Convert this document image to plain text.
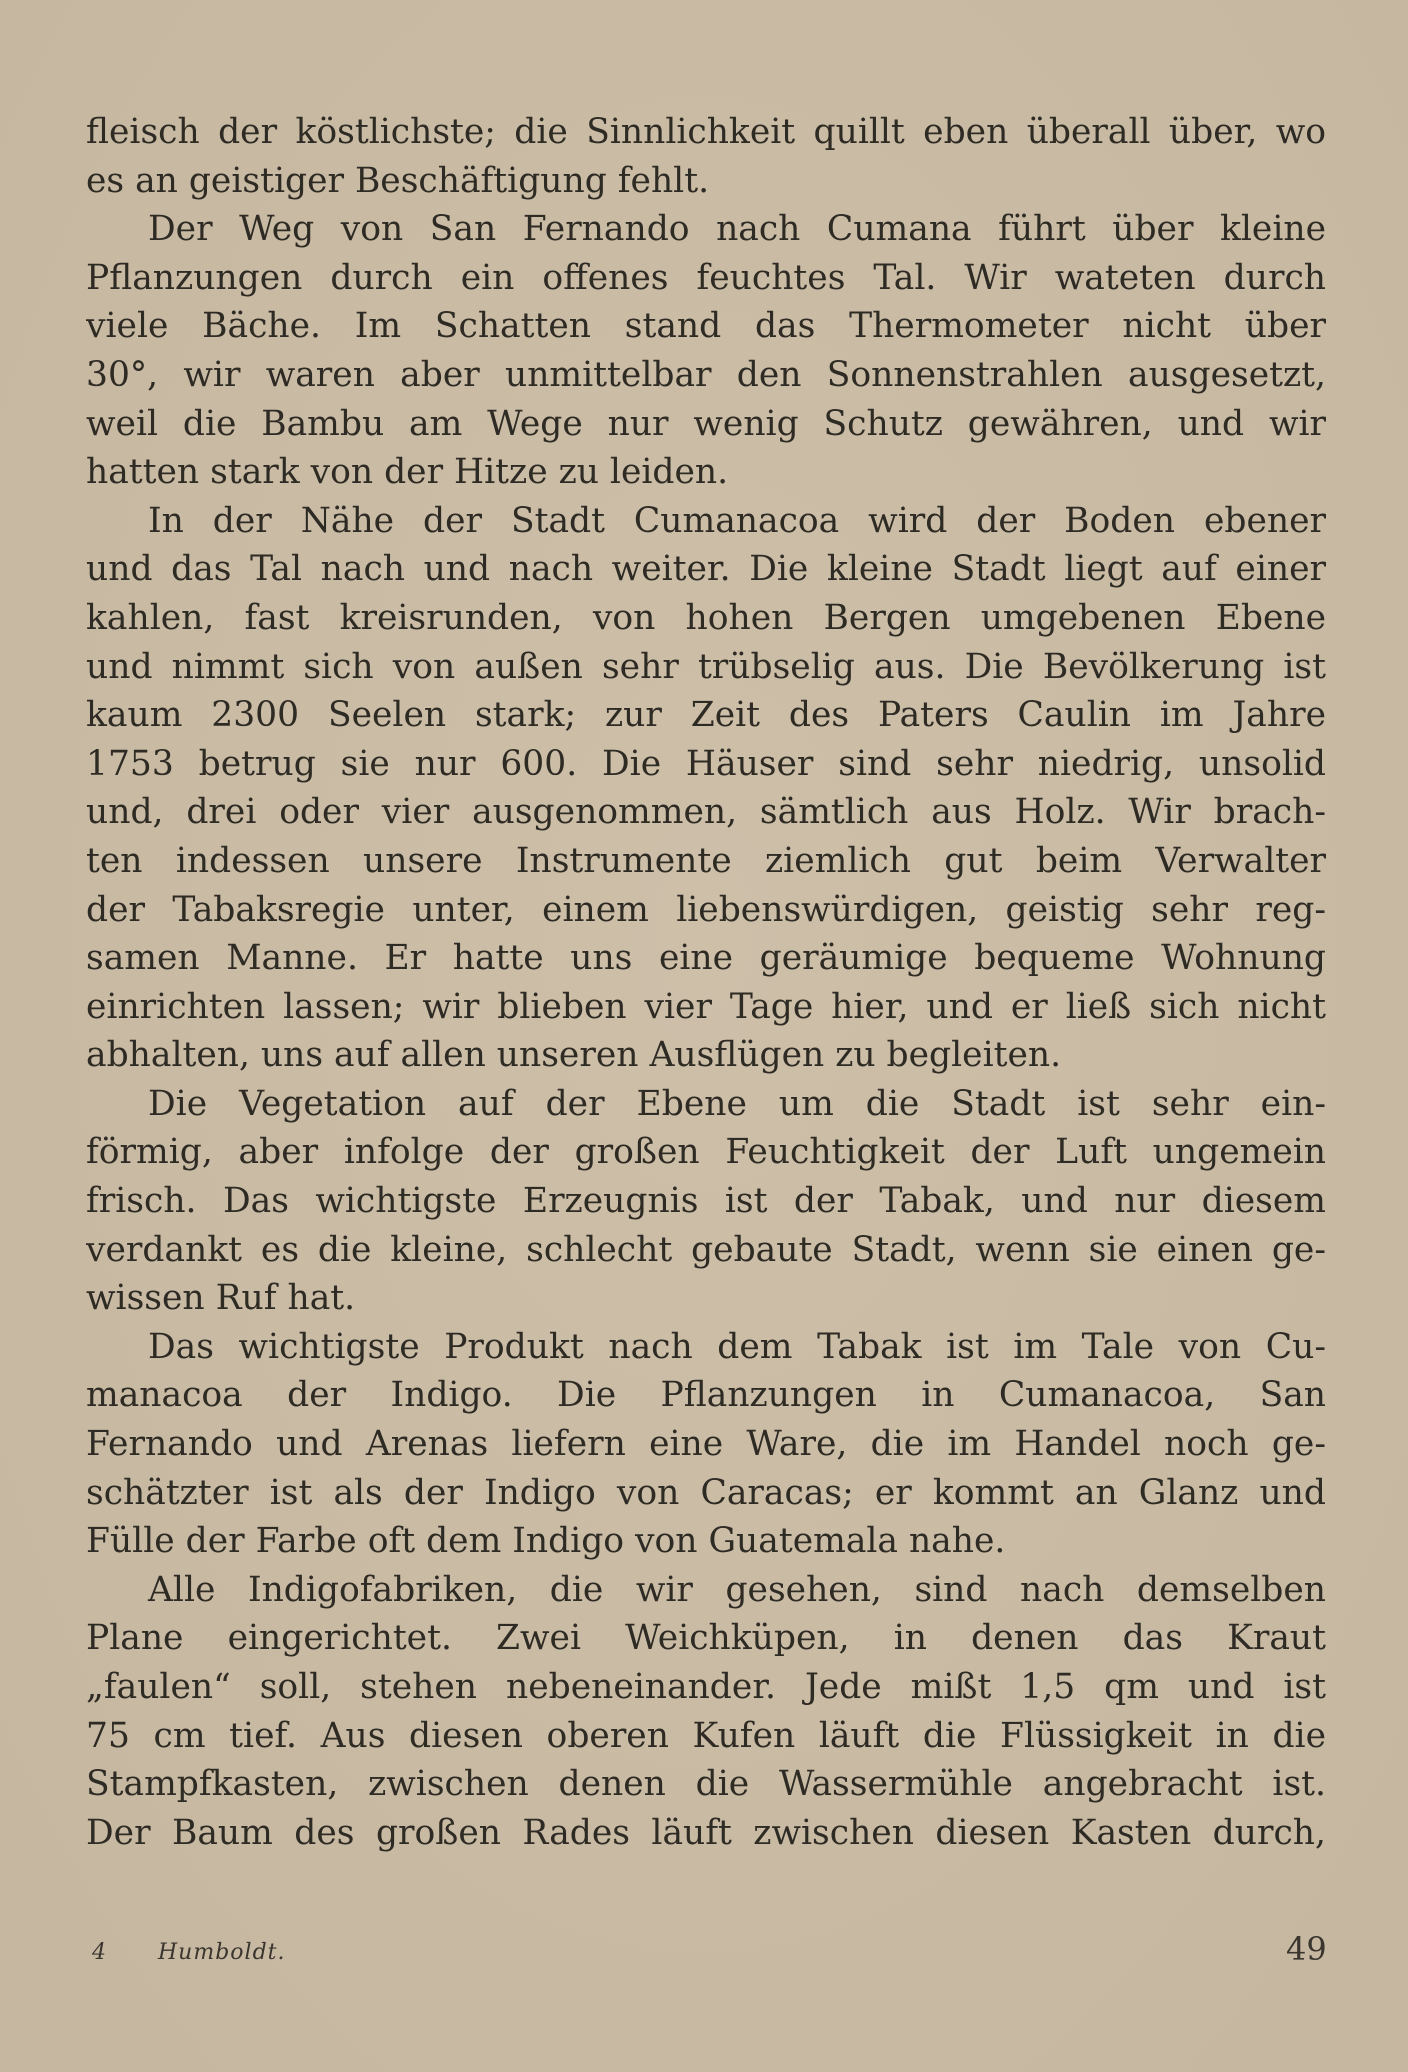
fleisch der köstlichste; die Sinnlichkeit quillt eben überall über, wo
es an geistiger Beschäftigung fehlt.
Der Weg von San Fernando nach Cumana führt über kleine
Pflanzungen durch ein offenes feuchtes Tal. Wir wateten durch
viele Bäche. Im Schatten stand das Thermometer nicht über
30°, wir waren aber unmittelbar den Sonnenstrahlen ausgesetzt,
weil die Bambu am Wege nur wenig Schutz gewähren, und wir
hatten stark von der Hitze zu leiden.
In der Nähe der Stadt Cumanacoa wird der Boden ebener
und das Tal nach und nach weiter. Die kleine Stadt liegt auf einer
kahlen, fast kreisrunden, von hohen Bergen umgebenen Ebene
und nimmt sich von außen sehr trübselig aus. Die Bevölkerung ist
kaum 2300 Seelen stark; zur Zeit des Paters Caulin im Jahre
1753 betrug sie nur 600. Die Häuser sind sehr niedrig, unsolid
und, drei oder vier ausgenommen, sämtlich aus Holz. Wir brach-
ten indessen unsere Instrumente ziemlich gut beim Verwalter
der Tabaksregie unter, einem liebenswürdigen, geistig sehr reg-
samen Manne. Er hatte uns eine geräumige bequeme Wohnung
einrichten lassen; wir blieben vier Tage hier, und er ließ sich nicht
abhalten, uns auf allen unseren Ausflügen zu begleiten.
Die Vegetation auf der Ebene um die Stadt ist sehr ein-
förmig, aber infolge der großen Feuchtigkeit der Luft ungemein
frisch. Das wichtigste Erzeugnis ist der Tabak, und nur diesem
verdankt es die kleine, schlecht gebaute Stadt, wenn sie einen ge-
wissen Ruf hat.
Das wichtigste Produkt nach dem Tabak ist im Tale von Cu-
manacoa der Indigo. Die Pflanzungen in Cumanacoa, San
Fernando und Arenas liefern eine Ware, die im Handel noch ge-
schätzter ist als der Indigo von Caracas; er kommt an Glanz und
Fülle der Farbe oft dem Indigo von Guatemala nahe.
Alle Indigofabriken, die wir gesehen, sind nach demselben
Plane eingerichtet. Zwei Weichküpen, in denen das Kraut
„faulen“ soll, stehen nebeneinander. Jede mißt 1,5 qm und ist
75 cm tief. Aus diesen oberen Kufen läuft die Flüssigkeit in die
Stampfkasten, zwischen denen die Wassermühle angebracht ist.
Der Baum des großen Rades läuft zwischen diesen Kasten durch,
4 Humboldt.	49
